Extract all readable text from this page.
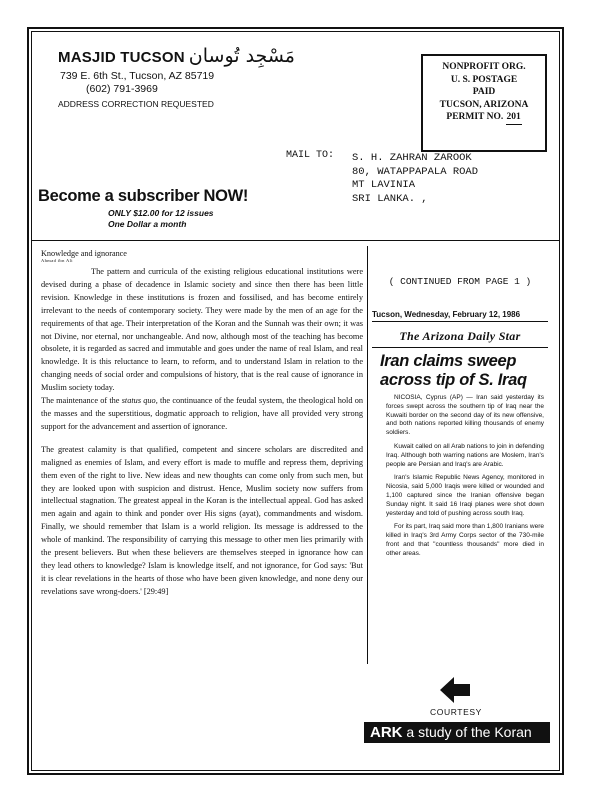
MASJID TUCSON مَسْجِد تُوسان
739 E. 6th St., Tucson, AZ 85719
(602) 791-3969
ADDRESS CORRECTION REQUESTED
NONPROFIT ORG.
U. S. POSTAGE
PAID
TUCSON, ARIZONA
PERMIT NO. 201
MAIL TO: S. H. ZAHRAN ZAROOK
80, WATAPPAPALA ROAD
MT LAVINIA
SRI LANKA. ,
Become a subscriber NOW!
ONLY $12.00 for 12 issues
One Dollar a month
Knowledge and ignorance
Ahmad ibn Ali

The pattern and curricula of the existing religious educational institutions were devised during a phase of decadence in Islamic society and since then there has been little revision. Knowledge in these institutions is frozen and fossilised, and has become entirely irrelevant to the needs of contemporary society. They were made by the men of an age for the requirements of that age. Their interpretation of the Koran and the Sunnah was their own; it was not Divine, nor eternal, nor unchangeable. And now, although most of the teaching has become obsolete, it is regarded as sacred and immutable and goes under the name of real Islam, and real knowledge. It is this reluctance to learn, to reform, and to understand Islam in relation to the changing needs of social order and compulsions of history, that is the real cause of ignorance in Muslim society today.

The maintenance of the status quo, the continuance of the feudal system, the theological hold on the masses and the superstitious, dogmatic approach to religion, have all provided very strong support for the advancement and assertion of ignorance.

The greatest calamity is that qualified, competent and sincere scholars are discredited and maligned as enemies of Islam, and every effort is made to muffle and repress them, depriving them even of the right to live. New ideas and new thoughts can come only from such men, but they are looked upon with suspicion and distrust. Hence, Muslim society now suffers from intellectual stagnation. The greatest appeal in the Koran is the intellectual appeal. God has asked men again and again to think and ponder over His signs (ayat), commandments and wisdom. Finally, we should remember that Islam is a world religion. Its message is addressed to the whole of mankind. The responsibility of carrying this message to other men lies primarily with the present believers. But when these believers are themselves steeped in ignorance how can they lead others to knowledge? Islam is knowledge itself, and not ignorance, for God says: 'But it is clear revelations in the hearts of those who have been given knowledge, and none deny our revelations save wrong-doers.' [29:49]

( CONTINUED FROM PAGE 1 )
Tucson, Wednesday, February 12, 1986
The Arizona Daily Star
Iran claims sweep
across tip of S. Iraq

NICOSIA, Cyprus (AP) — Iran said yesterday its forces swept across the southern tip of Iraq near the Kuwaiti border on the second day of its new offensive, and both nations reported killing thousands of enemy soldiers.

Kuwait called on all Arab nations to join in defending Iraq. Although both warring nations are Moslem, Iran's people are Persian and Iraq's are Arabic.

Iran's Islamic Republic News Agency, monitored in Nicosia, said 5,000 Iraqis were killed or wounded and 1,100 captured since the Iranian offensive began Sunday night. It said 16 Iraqi planes were shot down yesterday and told of pushing across south Iraq.

For its part, Iraq said more than 1,800 Iranians were killed in Iraq's 3rd Army Corps sector of the 730-mile front and that "countless thousands" more died in other areas.

COURTESY
ARK a study of the Koran
